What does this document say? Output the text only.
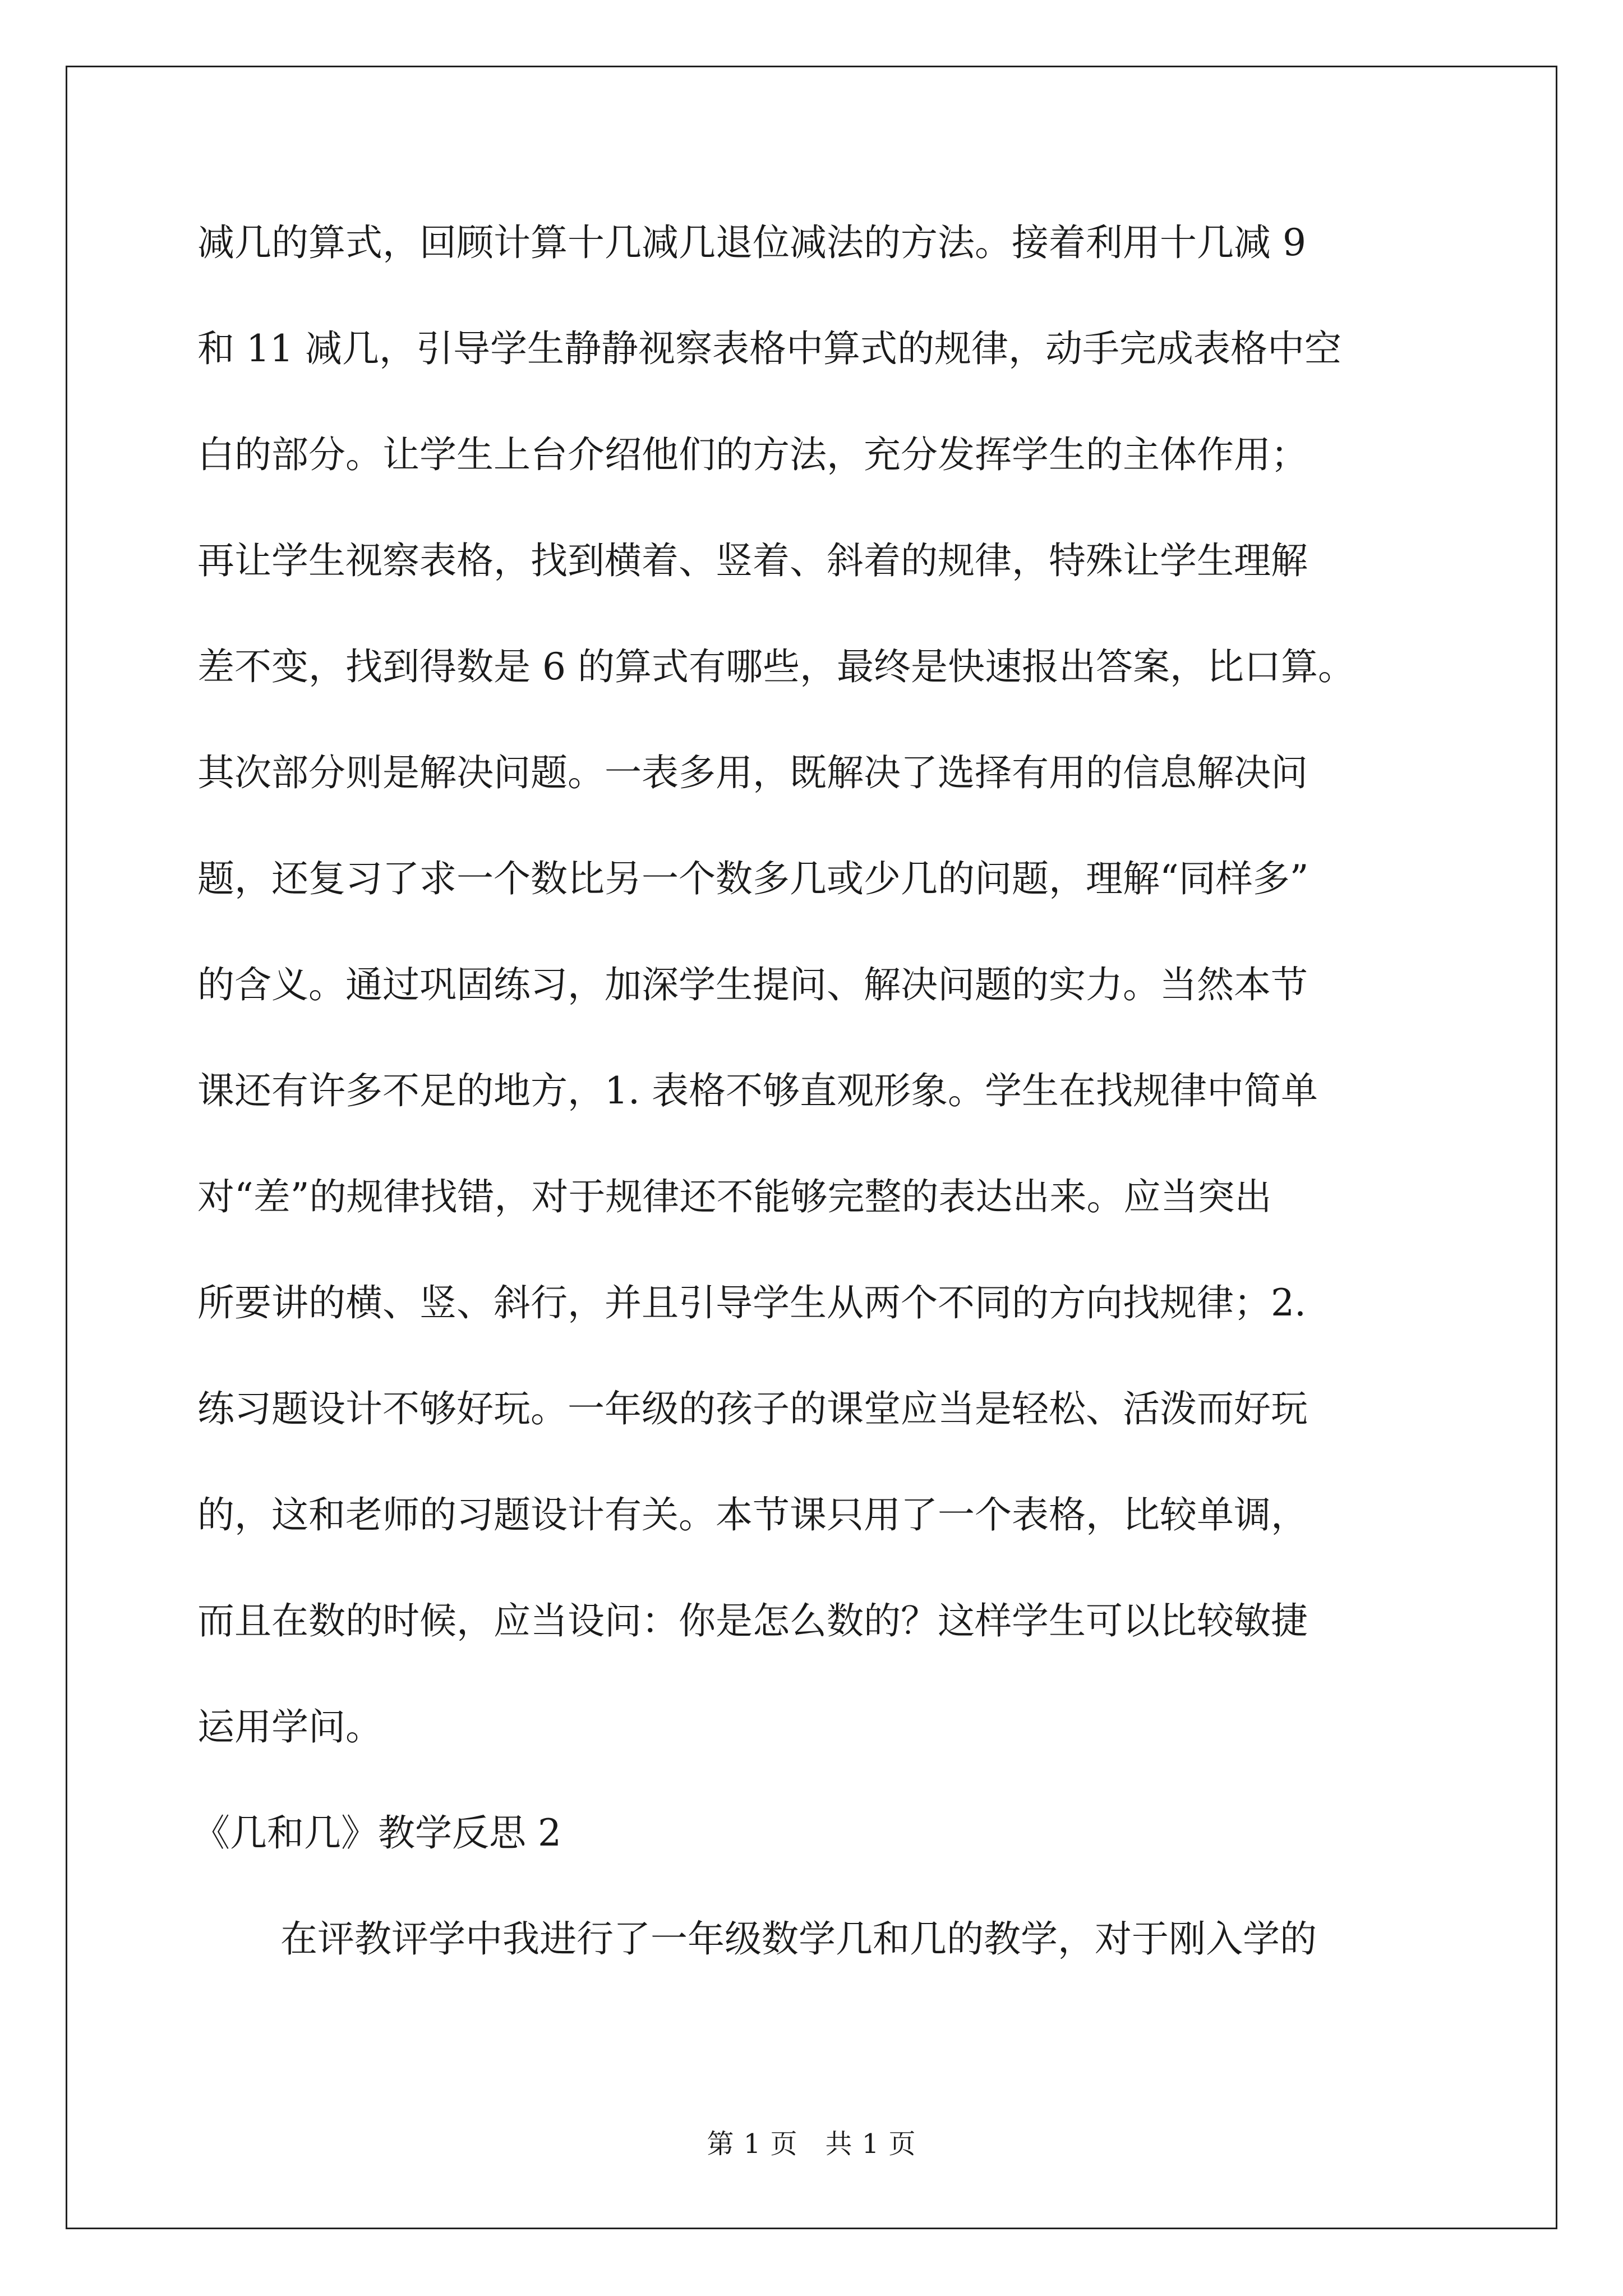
减几的算式，回顾计算十几减几退位减法的方法。接着利用十几减 9
和 11 减几，引导学生静静视察表格中算式的规律，动手完成表格中空
白的部分。让学生上台介绍他们的方法，充分发挥学生的主体作用；
再让学生视察表格，找到横着、竖着、斜着的规律，特殊让学生理解
差不变，找到得数是 6 的算式有哪些，最终是快速报出答案，比口算。
其次部分则是解决问题。一表多用，既解决了选择有用的信息解决问
题，还复习了求一个数比另一个数多几或少几的问题，理解“同样多”
的含义。通过巩固练习，加深学生提问、解决问题的实力。当然本节
课还有许多不足的地方，1. 表格不够直观形象。学生在找规律中简单
对“差”的规律找错，对于规律还不能够完整的表达出来。应当突出
所要讲的横、竖、斜行，并且引导学生从两个不同的方向找规律；2.
练习题设计不够好玩。一年级的孩子的课堂应当是轻松、活泼而好玩
的，这和老师的习题设计有关。本节课只用了一个表格，比较单调，
而且在数的时候，应当设问：你是怎么数的？这样学生可以比较敏捷
运用学问。
《几和几》教学反思 2
在评教评学中我进行了一年级数学几和几的教学，对于刚入学的
第 1 页　共 1 页
